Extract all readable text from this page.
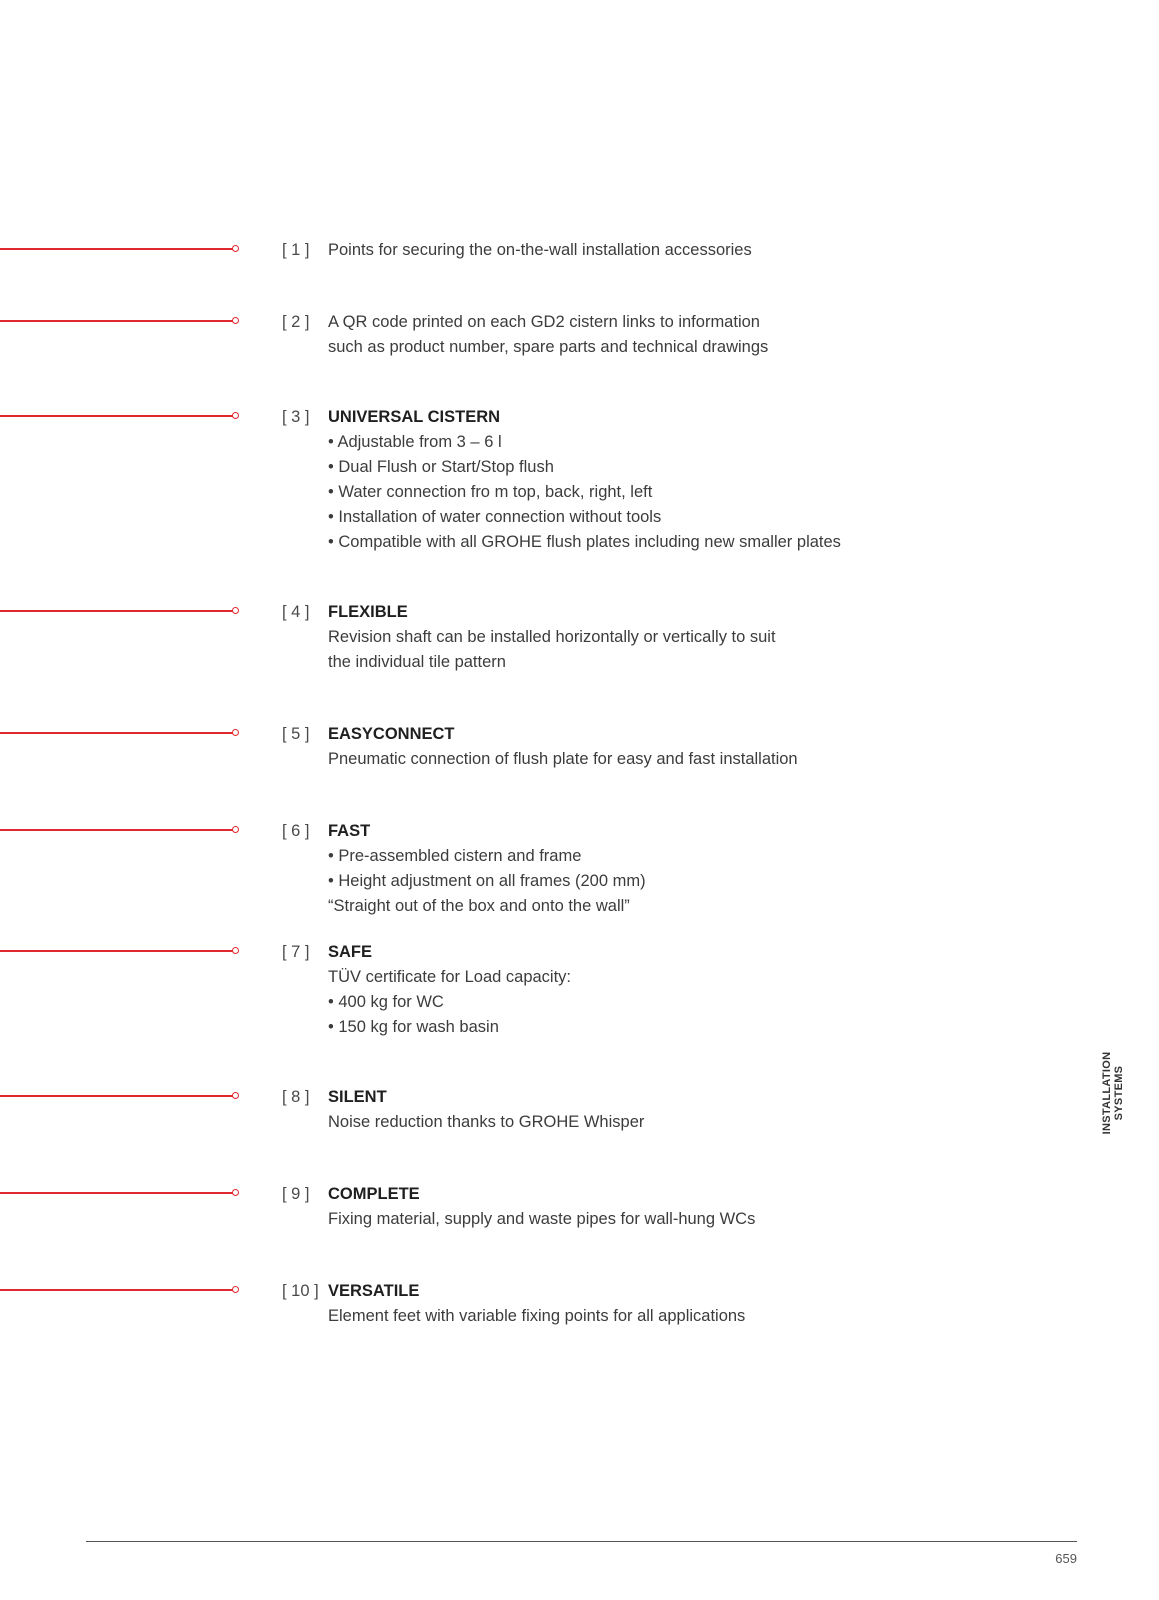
[ 1 ] Points for securing the on-the-wall installation accessories
[ 2 ] A QR code printed on each GD2 cistern links to information
such as product number, spare parts and technical drawings
[ 3 ] UNIVERSAL CISTERN
• Adjustable from 3 – 6 l
• Dual Flush or Start/Stop flush
• Water connection fro m top, back, right, left
• Installation of water connection without tools
• Compatible with all GROHE flush plates including new smaller plates
[ 4 ] FLEXIBLE
Revision shaft can be installed horizontally or vertically to suit
the individual tile pattern
[ 5 ] EASYCONNECT
Pneumatic connection of flush plate for easy and fast installation
[ 6 ] FAST
• Pre-assembled cistern and frame
• Height adjustment on all frames (200 mm)
“Straight out of the box and onto the wall”
[ 7 ] SAFE
TÜV certificate for Load capacity:
• 400 kg for WC
• 150 kg for wash basin
[ 8 ] SILENT
Noise reduction thanks to GROHE Whisper
[ 9 ] COMPLETE
Fixing material, supply and waste pipes for wall-hung WCs
[ 10 ] VERSATILE
Element feet with variable fixing points for all applications
INSTALLATION SYSTEMS
659
